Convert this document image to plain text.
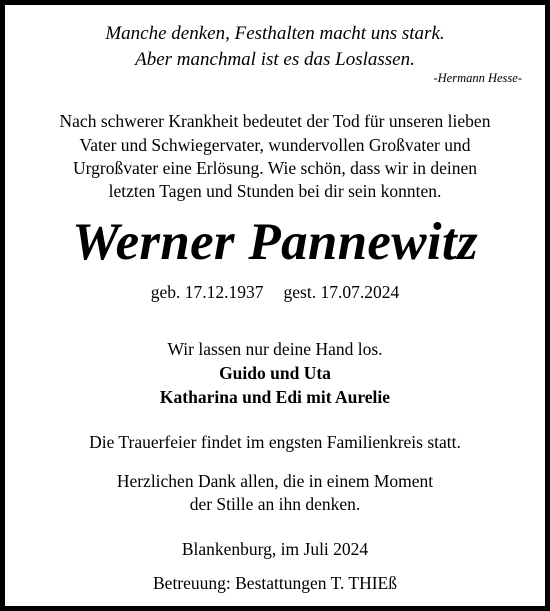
Manche denken, Festhalten macht uns stark.
Aber manchmal ist es das Loslassen.
-Hermann Hesse-
Nach schwerer Krankheit bedeutet der Tod für unseren lieben
Vater und Schwiegervater, wundervollen Großvater und
Urgroßvater eine Erlösung. Wie schön, dass wir in deinen
letzten Tagen und Stunden bei dir sein konnten.
Werner Pannewitz
geb. 17.12.1937 gest. 17.07.2024
Wir lassen nur deine Hand los.
Guido und Uta
Katharina und Edi mit Aurelie
Die Trauerfeier findet im engsten Familienkreis statt.
Herzlichen Dank allen, die in einem Moment
der Stille an ihn denken.
Blankenburg, im Juli 2024
Betreuung: Bestattungen T. THIEß
